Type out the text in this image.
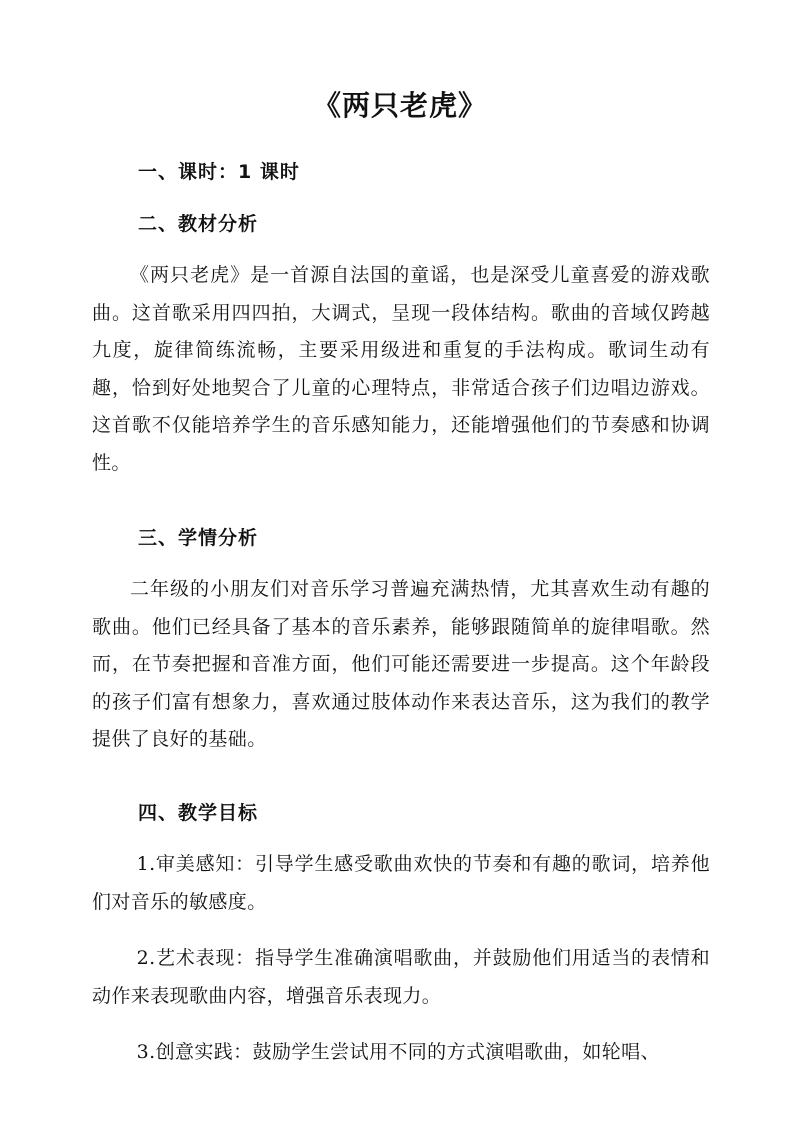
《两只老虎》
一、课时：1 课时
二、教材分析
《两只老虎》是一首源自法国的童谣，也是深受儿童喜爱的游戏歌曲。这首歌采用四四拍，大调式，呈现一段体结构。歌曲的音域仅跨越九度，旋律简练流畅，主要采用级进和重复的手法构成。歌词生动有趣，恰到好处地契合了儿童的心理特点，非常适合孩子们边唱边游戏。这首歌不仅能培养学生的音乐感知能力，还能增强他们的节奏感和协调性。
三、学情分析
二年级的小朋友们对音乐学习普遍充满热情，尤其喜欢生动有趣的歌曲。他们已经具备了基本的音乐素养，能够跟随简单的旋律唱歌。然而，在节奏把握和音准方面，他们可能还需要进一步提高。这个年龄段的孩子们富有想象力，喜欢通过肢体动作来表达音乐，这为我们的教学提供了良好的基础。
四、教学目标
1.审美感知：引导学生感受歌曲欢快的节奏和有趣的歌词，培养他们对音乐的敏感度。
2.艺术表现：指导学生准确演唱歌曲，并鼓励他们用适当的表情和动作来表现歌曲内容，增强音乐表现力。
3.创意实践：鼓励学生尝试用不同的方式演唱歌曲，如轮唱、
